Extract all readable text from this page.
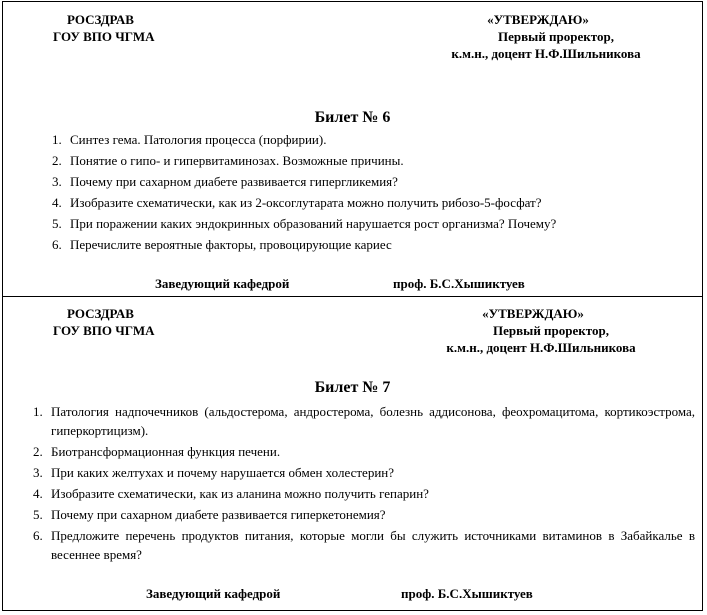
РОСЗДРАВ
ГОУ ВПО ЧГМА
«УТВЕРЖДАЮ»
Первый проректор,
к.м.н., доцент Н.Ф.Шильникова
Билет № 6
1. Синтез гема. Патология процесса (порфирии).
2. Понятие о гипо- и гипервитаминозах. Возможные причины.
3. Почему при сахарном диабете развивается гипергликемия?
4. Изобразите схематически, как из 2-оксоглутарата можно получить рибозо-5-фосфат?
5. При поражении каких эндокринных образований нарушается рост организма? Почему?
6. Перечислите вероятные факторы, провоцирующие кариес
Заведующий кафедрой	проф. Б.С.Хышиктуев
РОСЗДРАВ
ГОУ ВПО ЧГМА
«УТВЕРЖДАЮ»
Первый проректор,
к.м.н., доцент Н.Ф.Шильникова
Билет № 7
1. Патология надпочечников (альдостерома, андростерома, болезнь аддисонова, феохромацитома, кортикоэстрома, гиперкортицизм).
2. Биотрансформационная функция печени.
3. При каких желтухах и почему нарушается обмен холестерин?
4. Изобразите схематически, как из аланина можно получить гепарин?
5. Почему при сахарном диабете развивается гиперкетонемия?
6. Предложите перечень продуктов питания, которые могли бы служить источниками витаминов в Забайкалье в весеннее время?
Заведующий кафедрой	проф. Б.С.Хышиктуев
